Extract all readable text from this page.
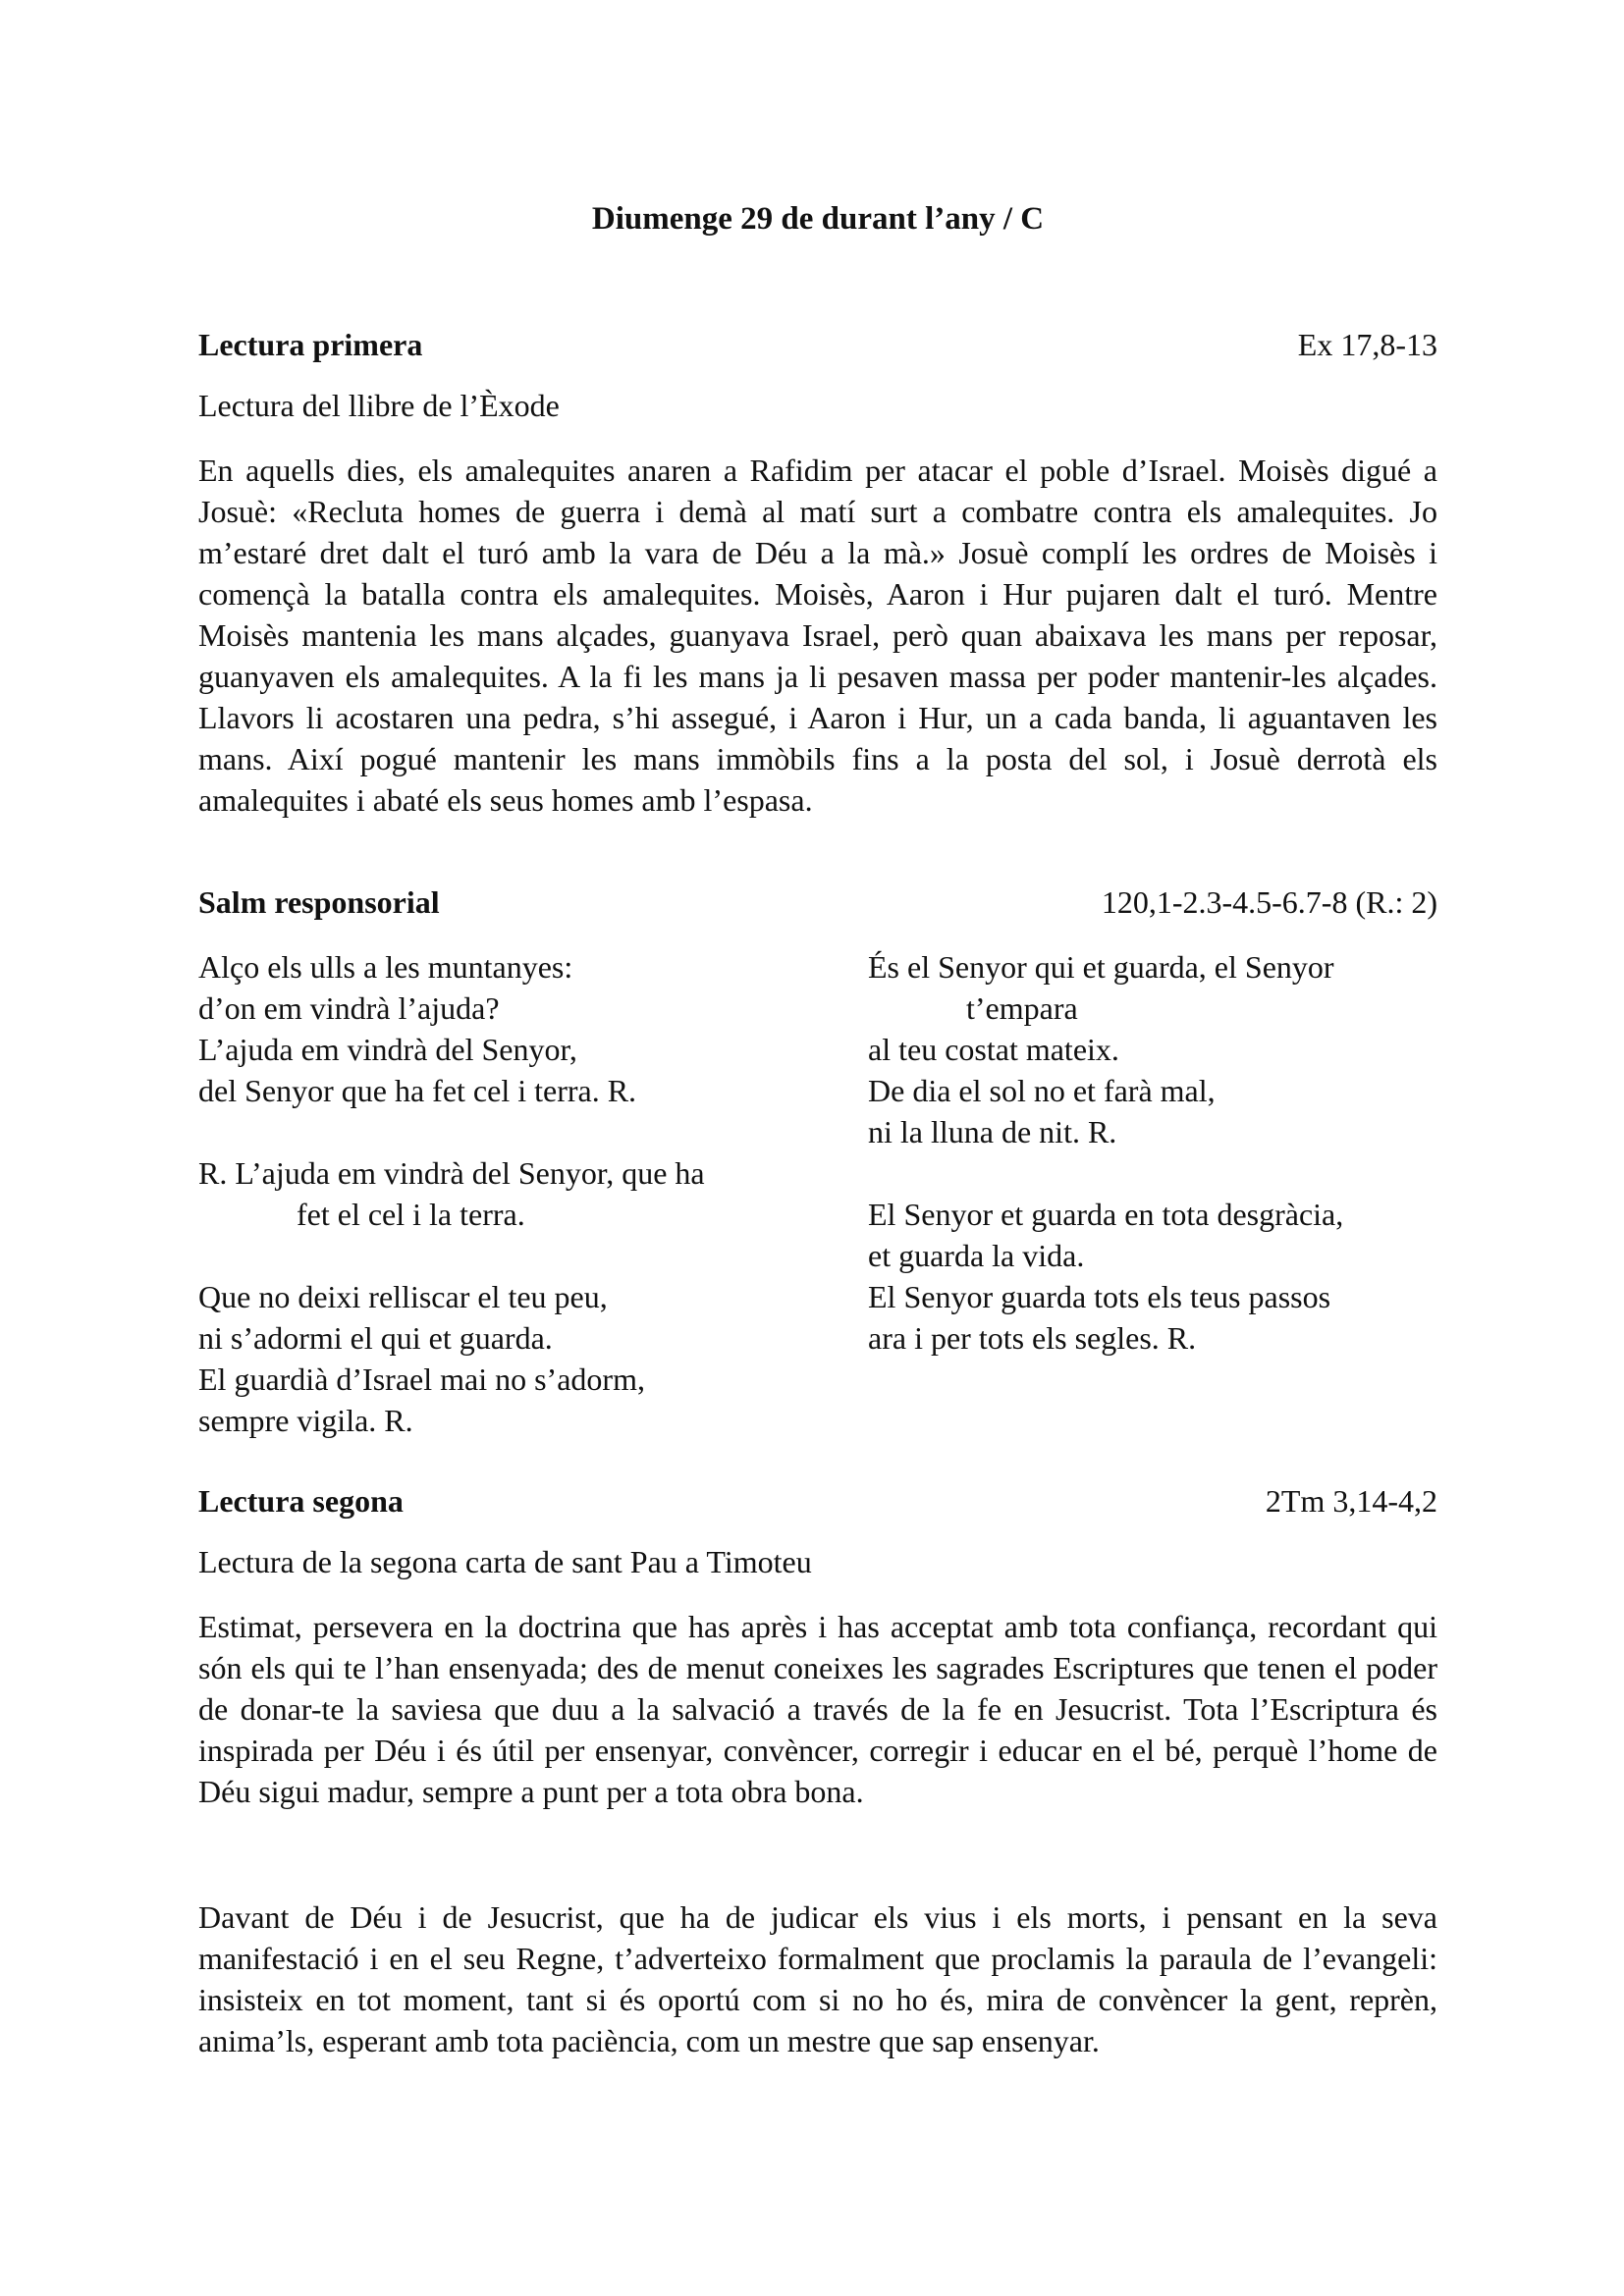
Diumenge 29 de durant l’any / C
Lectura primera	Ex 17,8-13
Lectura del llibre de l’Èxode
En aquells dies, els amalequites anaren a Rafidim per atacar el poble d’Israel. Moisès digué a Josuè: «Recluta homes de guerra i demà al matí surt a combatre contra els amalequites. Jo m’estaré dret dalt el turó amb la vara de Déu a la mà.» Josuè complí les ordres de Moisès i començà la batalla contra els amalequites. Moisès, Aaron i Hur pujaren dalt el turó. Mentre Moisès mantenia les mans alçades, guanyava Israel, però quan abaixava les mans per reposar, guanyaven els amalequites. A la fi les mans ja li pesaven massa per poder mantenir-les alçades. Llavors li acostaren una pedra, s’hi assegué, i Aaron i Hur, un a cada banda, li aguantaven les mans. Així pogué mantenir les mans immòbils fins a la posta del sol, i Josuè derrotà els amalequites i abaté els seus homes amb l’espasa.
Salm responsorial	120,1-2.3-4.5-6.7-8 (R.: 2)
Alço els ulls a les muntanyes:
d’on em vindrà l’ajuda?
L’ajuda em vindrà del Senyor,
del Senyor que ha fet cel i terra. R.
R. L’ajuda em vindrà del Senyor, que ha
fet el cel i la terra.
Que no deixi relliscar el teu peu,
ni s’adormi el qui et guarda.
El guardià d’Israel mai no s’adorm,
sempre vigila. R.
És el Senyor qui et guarda, el Senyor
t’empara
al teu costat mateix.
De dia el sol no et farà mal,
ni la lluna de nit. R.
El Senyor et guarda en tota desgràcia,
et guarda la vida.
El Senyor guarda tots els teus passos
ara i per tots els segles. R.
Lectura segona	2Tm 3,14-4,2
Lectura de la segona carta de sant Pau a Timoteu
Estimat, persevera en la doctrina que has après i has acceptat amb tota confiança, recordant qui són els qui te l’han ensenyada; des de menut coneixes les sagrades Escriptures que tenen el poder de donar-te la saviesa que duu a la salvació a través de la fe en Jesucrist. Tota l’Escriptura és inspirada per Déu i és útil per ensenyar, convèncer, corregir i educar en el bé, perquè l’home de Déu sigui madur, sempre a punt per a tota obra bona.
Davant de Déu i de Jesucrist, que ha de judicar els vius i els morts, i pensant en la seva manifestació i en el seu Regne, t’adverteixo formalment que proclamis la paraula de l’evangeli: insisteix en tot moment, tant si és oportú com si no ho és, mira de convèncer la gent, reprèn, anima’ls, esperant amb tota paciència, com un mestre que sap ensenyar.
